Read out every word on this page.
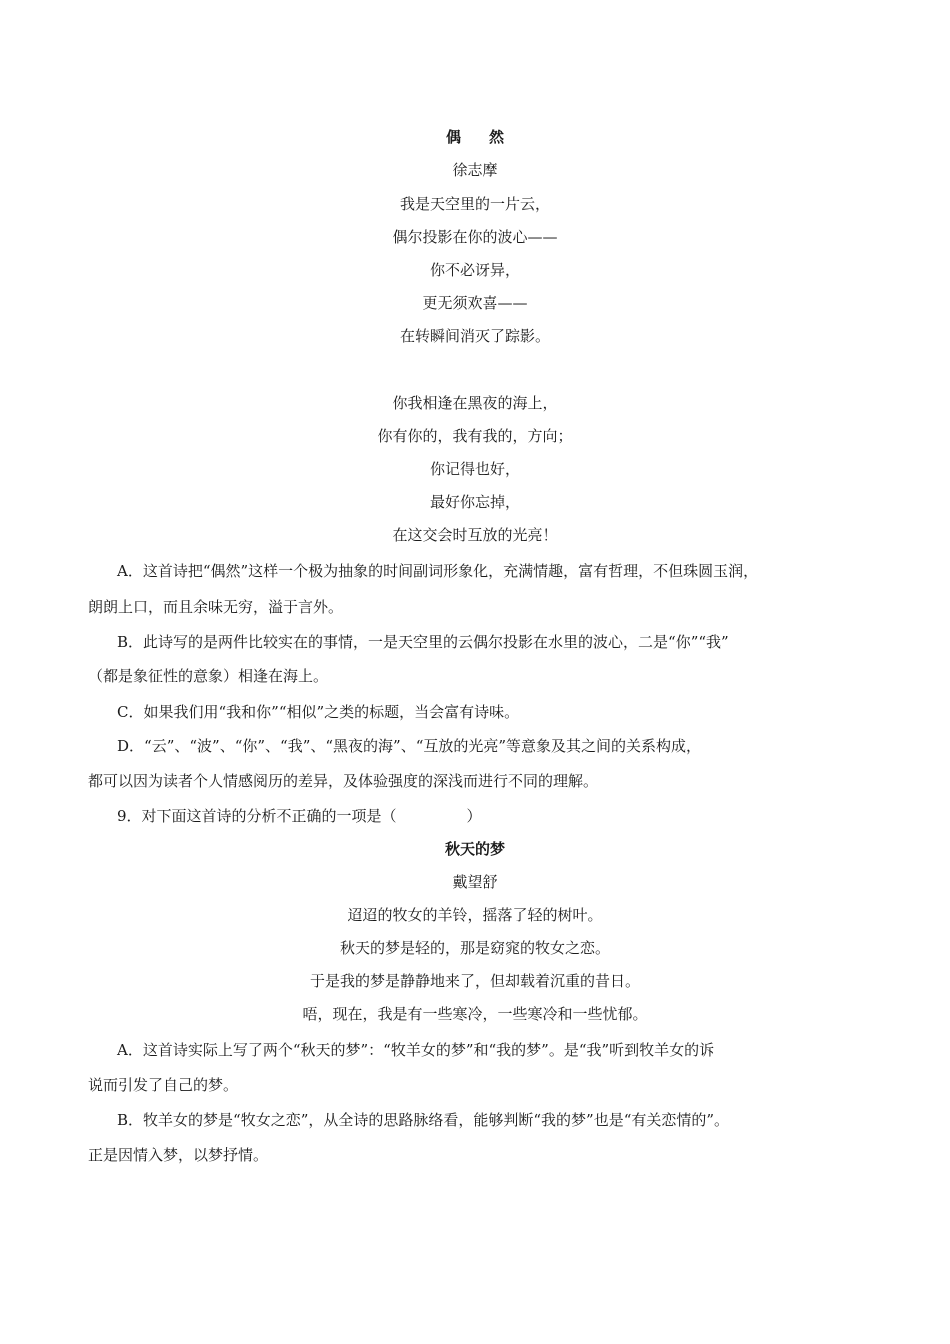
偶 然
徐志摩
我是天空里的一片云，
偶尔投影在你的波心——
你不必讶异，
更无须欢喜——
在转瞬间消灭了踪影。
你我相逢在黑夜的海上，
你有你的，我有我的，方向；
你记得也好，
最好你忘掉，
在这交会时互放的光亮！
A．这首诗把“偶然”这样一个极为抽象的时间副词形象化，充满情趣，富有哲理，不但珠圆玉润，
朗朗上口，而且余味无穷，溢于言外。
B．此诗写的是两件比较实在的事情，一是天空里的云偶尔投影在水里的波心，二是“你”“我”
（都是象征性的意象）相逢在海上。
C．如果我们用“我和你”“相似”之类的标题，当会富有诗味。
D．“云”、“波”、“你”、“我”、“黑夜的海”、“互放的光亮”等意象及其之间的关系构成，
都可以因为读者个人情感阅历的差异，及体验强度的深浅而进行不同的理解。
9．对下面这首诗的分析不正确的一项是（	）
秋天的梦
戴望舒
迢迢的牧女的羊铃，摇落了轻的树叶。
秋天的梦是轻的，那是窈窕的牧女之恋。
于是我的梦是静静地来了，但却载着沉重的昔日。
唔，现在，我是有一些寒冷，一些寒冷和一些忧郁。
A．这首诗实际上写了两个“秋天的梦”：“牧羊女的梦”和“我的梦”。是“我”听到牧羊女的诉
说而引发了自己的梦。
B．牧羊女的梦是“牧女之恋”，从全诗的思路脉络看，能够判断“我的梦”也是“有关恋情的”。
正是因情入梦，以梦抒情。
